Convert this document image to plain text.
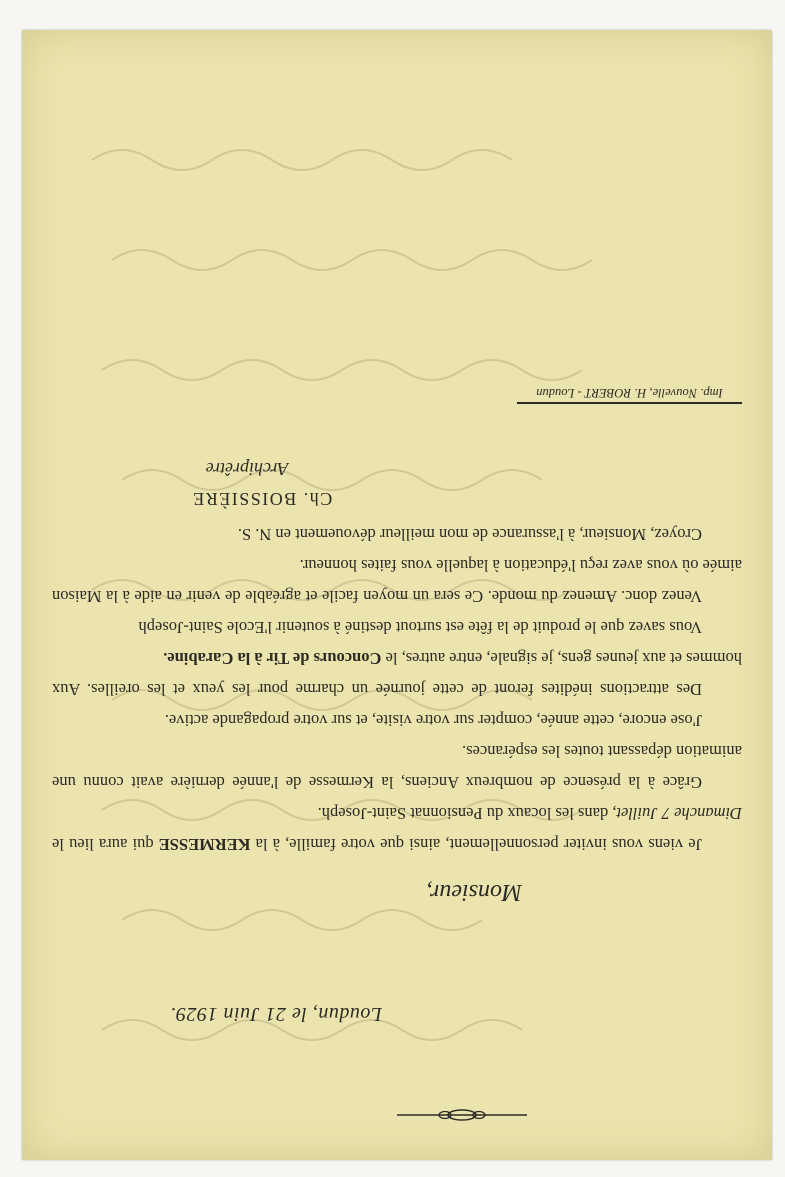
Loudun, le 21 Juin 1929.
Monsieur,

Je viens vous inviter personnellement, ainsi que votre famille, à la KERMESSE qui aura lieu le Dimanche 7 Juillet, dans les locaux du Pensionnat Saint-Joseph.

Grâce à la présence de nombreux Anciens, la Kermesse de l'année dernière avait connu une animation dépassant toutes les espérances.

J'ose encore, cette année, compter sur votre visite, et sur votre propagande active.

Des attractions inédites feront de cette journée un charme pour les yeux et les oreilles. Aux hommes et aux jeunes gens, je signale, entre autres, le Concours de Tir à la Carabine.

Vous savez que le produit de la fête est surtout destiné à soutenir l'Ecole Saint-Joseph

Venez donc. Amenez du monde. Ce sera un moyen facile et agréable de venir en aide à la Maison aimée où vous avez reçu l'éducation à laquelle vous faites honneur.

Croyez, Monsieur, à l'assurance de mon meilleur dévouement en N. S.

Ch. BOISSIÈRE
Archiprêtre
Imp. Nouvelle, H. ROBERT - Loudun
